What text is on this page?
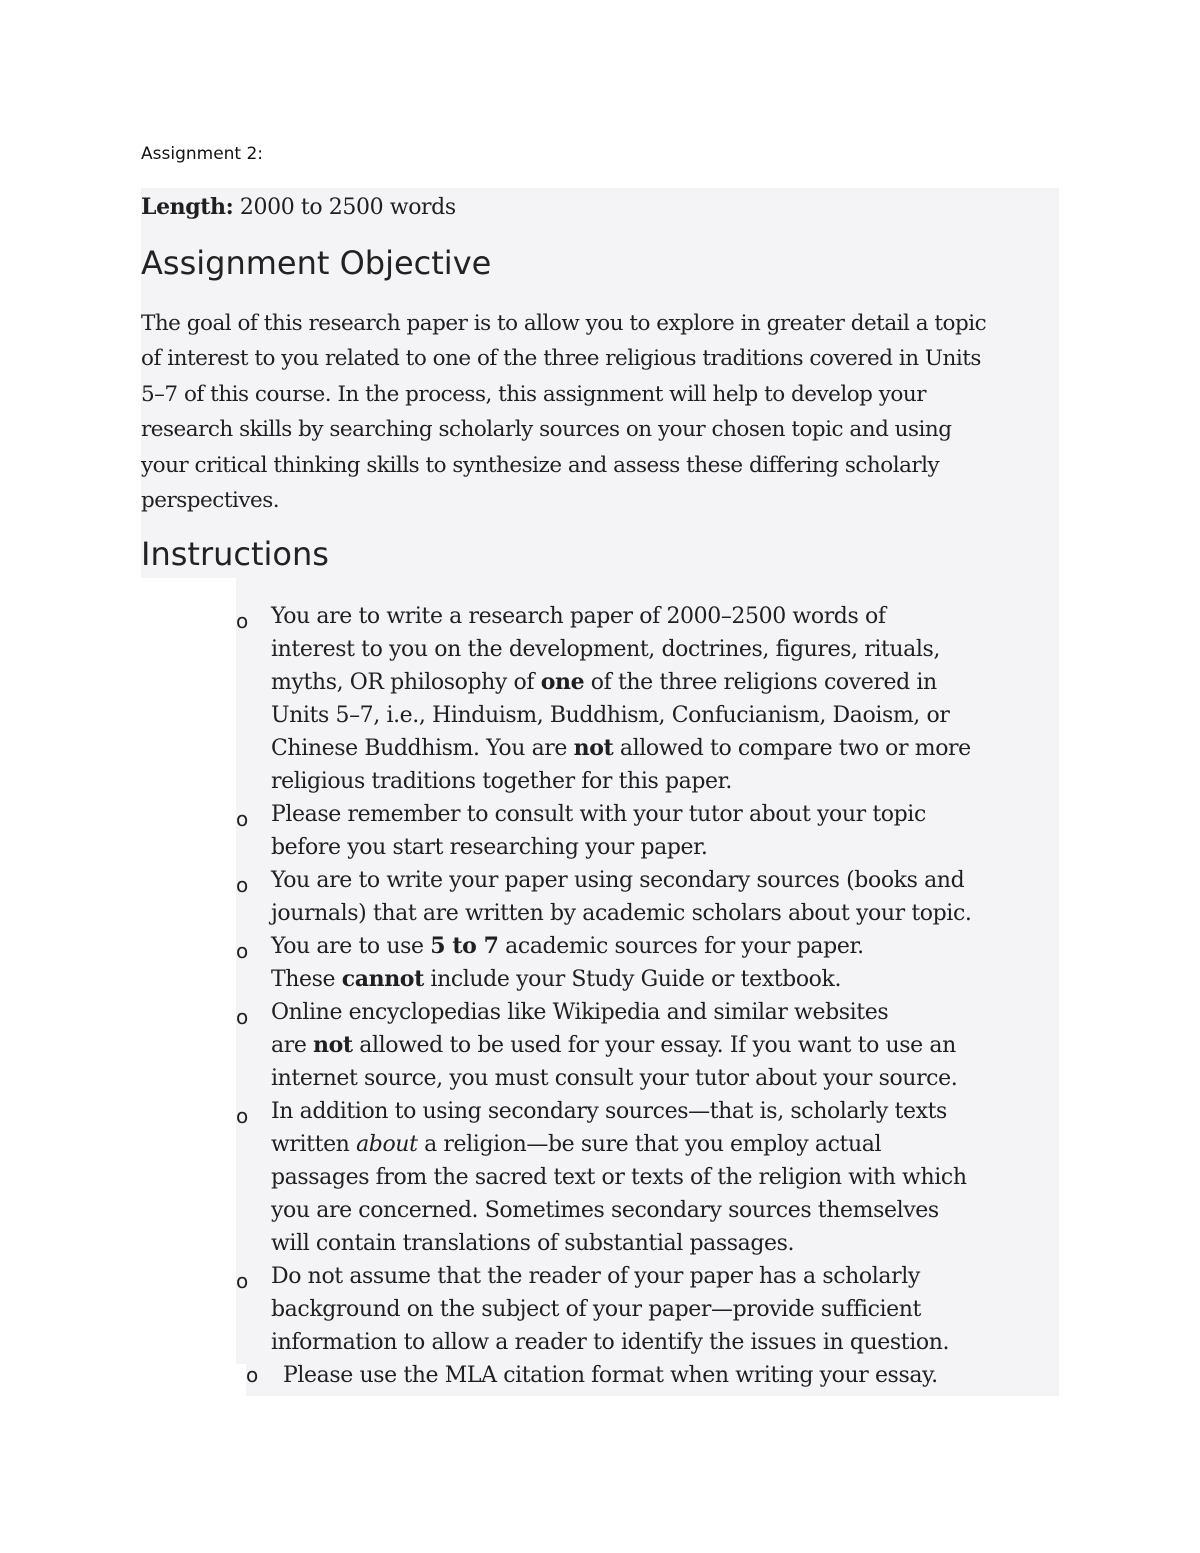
Assignment 2:
Length: 2000 to 2500 words
Assignment Objective
The goal of this research paper is to allow you to explore in greater detail a topic
of interest to you related to one of the three religious traditions covered in Units
5–7 of this course. In the process, this assignment will help to develop your
research skills by searching scholarly sources on your chosen topic and using
your critical thinking skills to synthesize and assess these differing scholarly
perspectives.
Instructions
o You are to write a research paper of 2000–2500 words of
interest to you on the development, doctrines, figures, rituals,
myths, OR philosophy of one of the three religions covered in
Units 5–7, i.e., Hinduism, Buddhism, Confucianism, Daoism, or
Chinese Buddhism. You are not allowed to compare two or more
religious traditions together for this paper.
o Please remember to consult with your tutor about your topic
before you start researching your paper.
o You are to write your paper using secondary sources (books and
journals) that are written by academic scholars about your topic.
o You are to use 5 to 7 academic sources for your paper.
These cannot include your Study Guide or textbook.
o Online encyclopedias like Wikipedia and similar websites
are not allowed to be used for your essay. If you want to use an
internet source, you must consult your tutor about your source.
o In addition to using secondary sources—that is, scholarly texts
written about a religion—be sure that you employ actual
passages from the sacred text or texts of the religion with which
you are concerned. Sometimes secondary sources themselves
will contain translations of substantial passages.
o Do not assume that the reader of your paper has a scholarly
background on the subject of your paper—provide sufficient
information to allow a reader to identify the issues in question.
o Please use the MLA citation format when writing your essay.
